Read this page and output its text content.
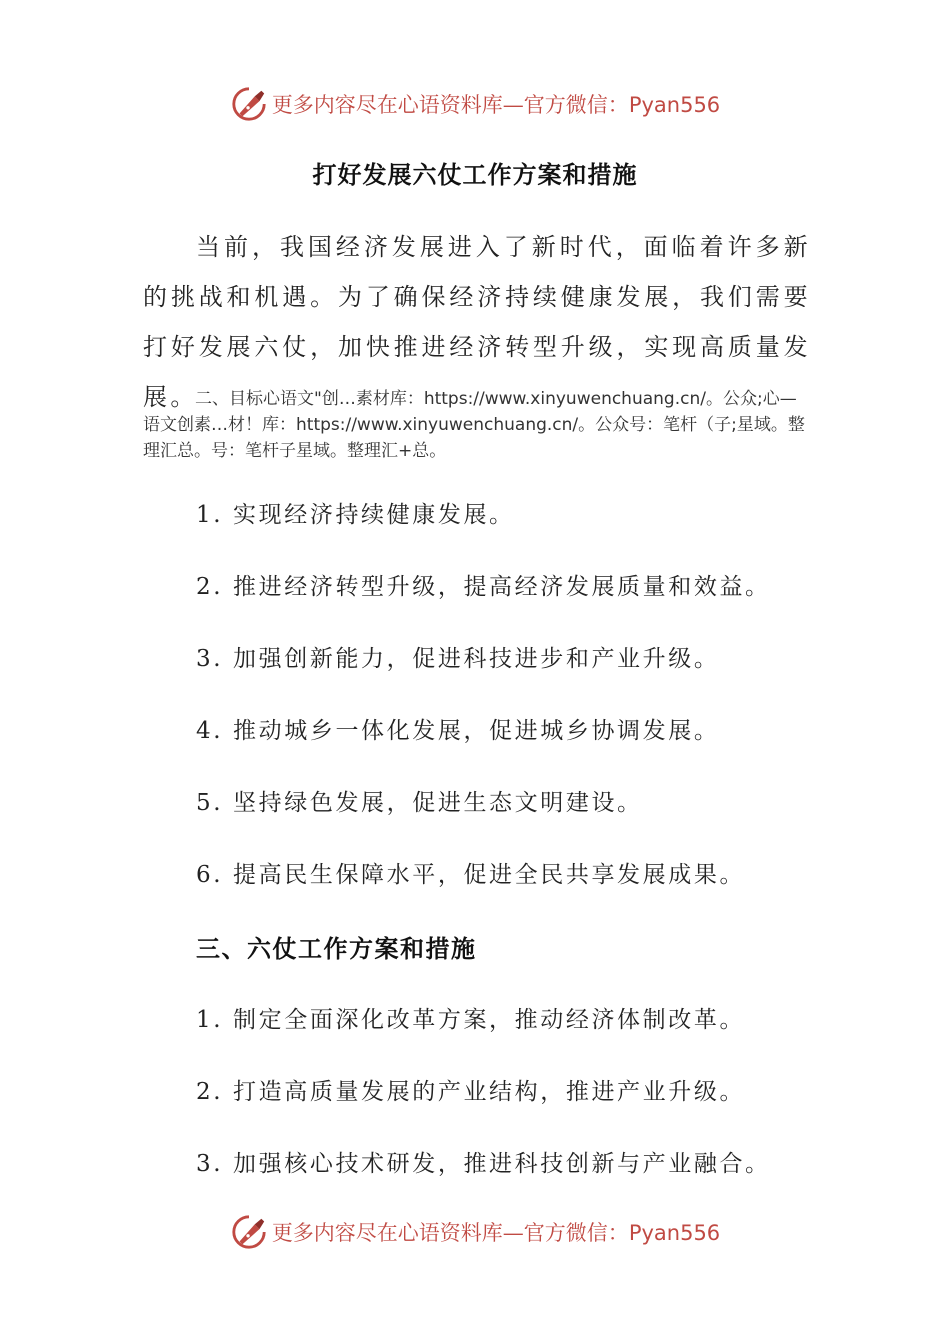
更多内容尽在心语资料库—官方微信：Pyan556
打好发展六仗工作方案和措施

当前，我国经济发展进入了新时代，面临着许多新的挑战和机遇。为了确保经济持续健康发展，我们需要打好发展六仗，加快推进经济转型升级，实现高质量发展。

二、目标心语文"创…素材库：https://www.xinyuwenchuang.cn/。公众;心—语文创素…材！库：https://www.xinyuwenchuang.cn/。公众号：笔杆（子;星域。整理汇总。号：笔杆子星域。整理汇+总。

1. 实现经济持续健康发展。
2. 推进经济转型升级，提高经济发展质量和效益。
3. 加强创新能力，促进科技进步和产业升级。
4. 推动城乡一体化发展，促进城乡协调发展。
5. 坚持绿色发展，促进生态文明建设。
6. 提高民生保障水平，促进全民共享发展成果。
三、六仗工作方案和措施
1. 制定全面深化改革方案，推动经济体制改革。
2. 打造高质量发展的产业结构，推进产业升级。
3. 加强核心技术研发，推进科技创新与产业融合。
更多内容尽在心语资料库—官方微信：Pyan556
